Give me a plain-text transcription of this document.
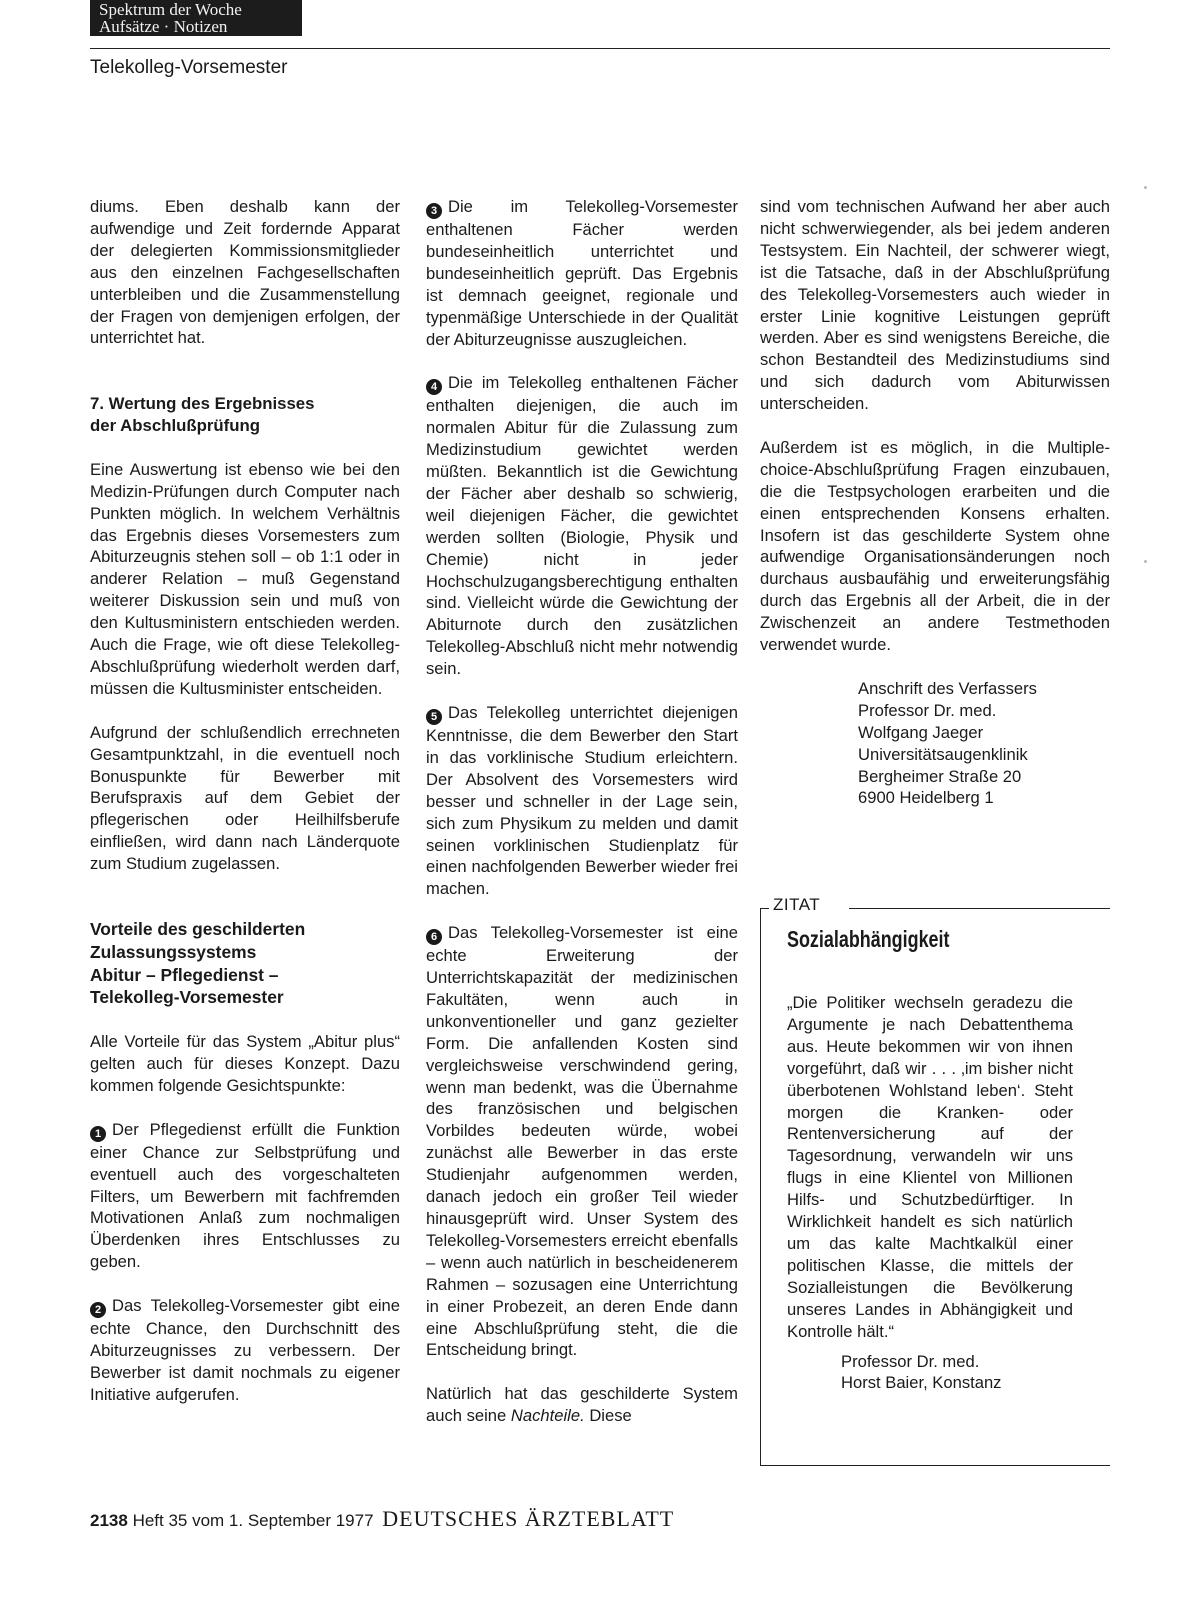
Spektrum der Woche
Aufsätze · Notizen
Telekolleg-Vorsemester

diums. Eben deshalb kann der aufwendige und Zeit fordernde Apparat der delegierten Kommissionsmitglieder aus den einzelnen Fachgesellschaften unterbleiben und die Zusammenstellung der Fragen von demjenigen erfolgen, der unterrichtet hat.

7. Wertung des Ergebnisses
der Abschlußprüfung

Eine Auswertung ist ebenso wie bei den Medizin-Prüfungen durch Computer nach Punkten möglich. In welchem Verhältnis das Ergebnis dieses Vorsemesters zum Abiturzeugnis stehen soll – ob 1:1 oder in anderer Relation – muß Gegenstand weiterer Diskussion sein und muß von den Kultusministern entschieden werden. Auch die Frage, wie oft diese Telekolleg-Abschlußprüfung wiederholt werden darf, müssen die Kultusminister entscheiden.

Aufgrund der schlußendlich errechneten Gesamtpunktzahl, in die eventuell noch Bonuspunkte für Bewerber mit Berufspraxis auf dem Gebiet der pflegerischen oder Heilhilfsberufe einfließen, wird dann nach Länderquote zum Studium zugelassen.

Vorteile des geschilderten
Zulassungssystems
Abitur – Pflegedienst –
Telekolleg-Vorsemester

Alle Vorteile für das System „Abitur plus“ gelten auch für dieses Konzept. Dazu kommen folgende Gesichtspunkte:

1 Der Pflegedienst erfüllt die Funktion einer Chance zur Selbstprüfung und eventuell auch des vorgeschalteten Filters, um Bewerbern mit fachfremden Motivationen Anlaß zum nochmaligen Überdenken ihres Entschlusses zu geben.

2 Das Telekolleg-Vorsemester gibt eine echte Chance, den Durchschnitt des Abiturzeugnisses zu verbessern. Der Bewerber ist damit nochmals zu eigener Initiative aufgerufen.

3 Die im Telekolleg-Vorsemester enthaltenen Fächer werden bundeseinheitlich unterrichtet und bundeseinheitlich geprüft. Das Ergebnis ist demnach geeignet, regionale und typenmäßige Unterschiede in der Qualität der Abiturzeugnisse auszugleichen.

4 Die im Telekolleg enthaltenen Fächer enthalten diejenigen, die auch im normalen Abitur für die Zulassung zum Medizinstudium gewichtet werden müßten. Bekanntlich ist die Gewichtung der Fächer aber deshalb so schwierig, weil diejenigen Fächer, die gewichtet werden sollten (Biologie, Physik und Chemie) nicht in jeder Hochschulzugangsberechtigung enthalten sind. Vielleicht würde die Gewichtung der Abiturnote durch den zusätzlichen Telekolleg-Abschluß nicht mehr notwendig sein.

5 Das Telekolleg unterrichtet diejenigen Kenntnisse, die dem Bewerber den Start in das vorklinische Studium erleichtern. Der Absolvent des Vorsemesters wird besser und schneller in der Lage sein, sich zum Physikum zu melden und damit seinen vorklinischen Studienplatz für einen nachfolgenden Bewerber wieder frei machen.

6 Das Telekolleg-Vorsemester ist eine echte Erweiterung der Unterrichtskapazität der medizinischen Fakultäten, wenn auch in unkonventioneller und ganz gezielter Form. Die anfallenden Kosten sind vergleichsweise verschwindend gering, wenn man bedenkt, was die Übernahme des französischen und belgischen Vorbildes bedeuten würde, wobei zunächst alle Bewerber in das erste Studienjahr aufgenommen werden, danach jedoch ein großer Teil wieder hinausgeprüft wird. Unser System des Telekolleg-Vorsemesters erreicht ebenfalls – wenn auch natürlich in bescheidenerem Rahmen – sozusagen eine Unterrichtung in einer Probezeit, an deren Ende dann eine Abschlußprüfung steht, die die Entscheidung bringt.

Natürlich hat das geschilderte System auch seine Nachteile. Diese

sind vom technischen Aufwand her aber auch nicht schwerwiegender, als bei jedem anderen Testsystem. Ein Nachteil, der schwerer wiegt, ist die Tatsache, daß in der Abschlußprüfung des Telekolleg-Vorsemesters auch wieder in erster Linie kognitive Leistungen geprüft werden. Aber es sind wenigstens Bereiche, die schon Bestandteil des Medizinstudiums sind und sich dadurch vom Abiturwissen unterscheiden.

Außerdem ist es möglich, in die Multiple-choice-Abschlußprüfung Fragen einzubauen, die die Testpsychologen erarbeiten und die einen entsprechenden Konsens erhalten. Insofern ist das geschilderte System ohne aufwendige Organisationsänderungen noch durchaus ausbaufähig und erweiterungsfähig durch das Ergebnis all der Arbeit, die in der Zwischenzeit an andere Testmethoden verwendet wurde.

Anschrift des Verfassers
Professor Dr. med.
Wolfgang Jaeger
Universitätsaugenklinik
Bergheimer Straße 20
6900 Heidelberg 1
ZITAT
Sozialabhängigkeit

„Die Politiker wechseln geradezu die Argumente je nach Debattenthema aus. Heute bekommen wir von ihnen vorgeführt, daß wir . . . ‚im bisher nicht überbotenen Wohlstand leben‘. Steht morgen die Kranken- oder Rentenversicherung auf der Tagesordnung, verwandeln wir uns flugs in eine Klientel von Millionen Hilfs- und Schutzbedürftiger. In Wirklichkeit handelt es sich natürlich um das kalte Machtkalkül einer politischen Klasse, die mittels der Sozialleistungen die Bevölkerung unseres Landes in Abhängigkeit und Kontrolle hält.“

Professor Dr. med.
Horst Baier, Konstanz
2138 Heft 35 vom 1. September 1977 DEUTSCHES ÄRZTEBLATT
